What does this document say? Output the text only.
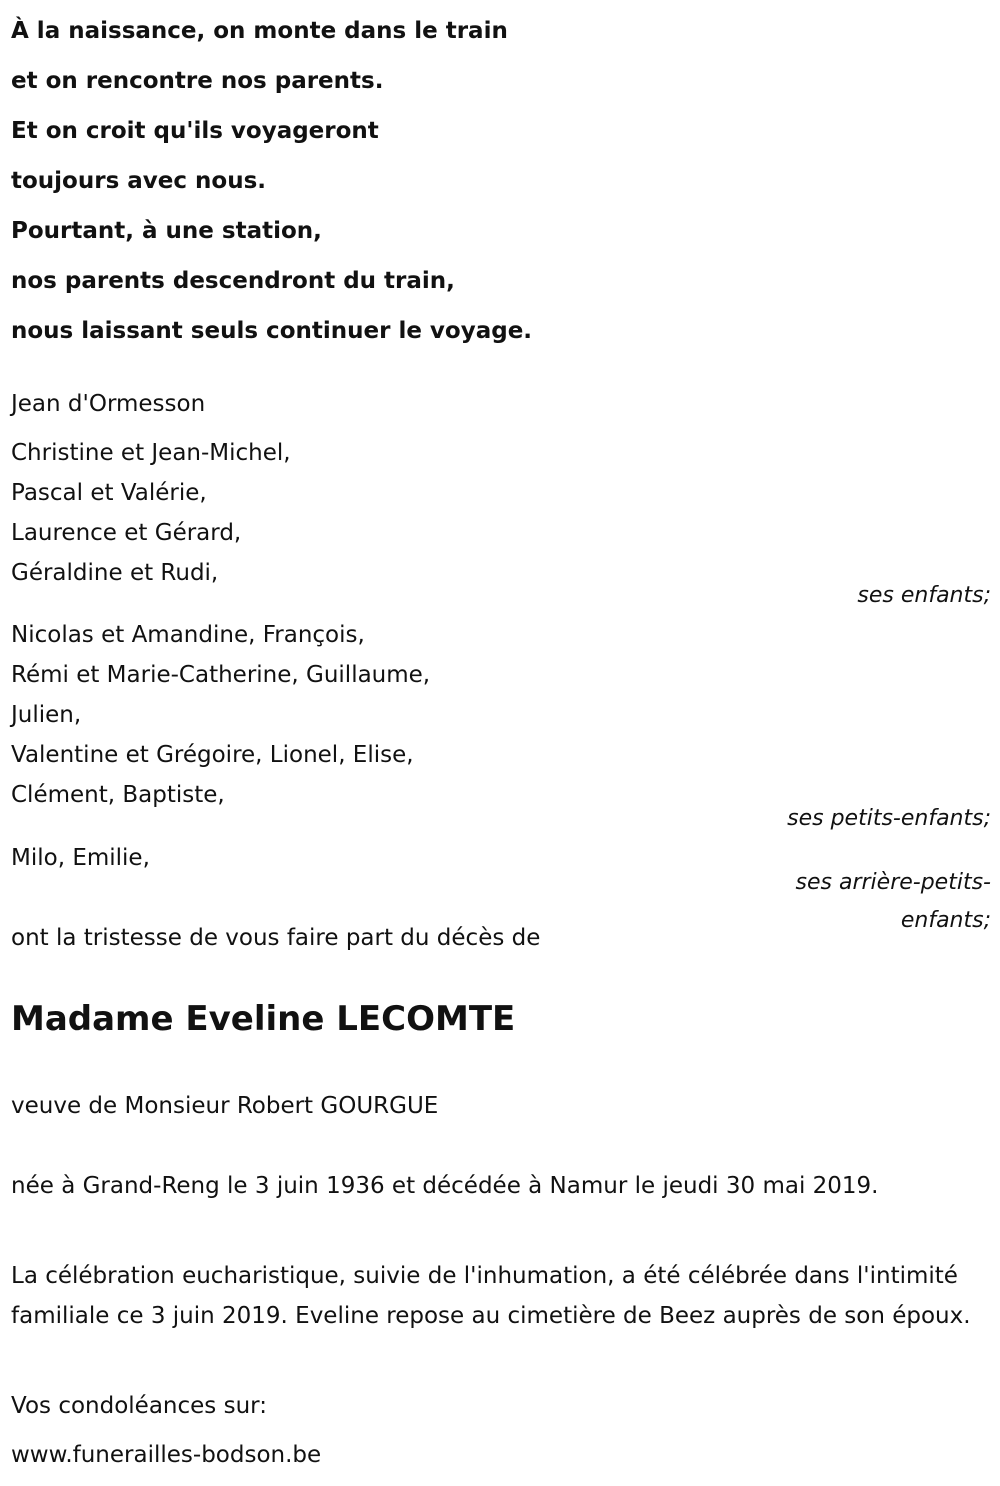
À la naissance, on monte dans le train
et on rencontre nos parents.
Et on croit qu'ils voyageront
toujours avec nous.
Pourtant, à une station,
nos parents descendront du train,
nous laissant seuls continuer le voyage.
Jean d'Ormesson
Christine et Jean-Michel,
Pascal et Valérie,
Laurence et Gérard,
Géraldine et Rudi,
ses enfants;
Nicolas et Amandine, François,
Rémi et Marie-Catherine, Guillaume,
Julien,
Valentine et Grégoire, Lionel, Elise,
Clément, Baptiste,
ses petits-enfants;
Milo, Emilie,
ses arrière-petits-
enfants;
ont la tristesse de vous faire part du décès de
Madame Eveline LECOMTE
veuve de Monsieur Robert GOURGUE
née à Grand-Reng le 3 juin 1936 et décédée à Namur le jeudi 30 mai 2019.
La célébration eucharistique, suivie de l'inhumation, a été célébrée dans l'intimité familiale ce 3 juin 2019. Eveline repose au cimetière de Beez auprès de son époux.
Vos condoléances sur:
www.funerailles-bodson.be
